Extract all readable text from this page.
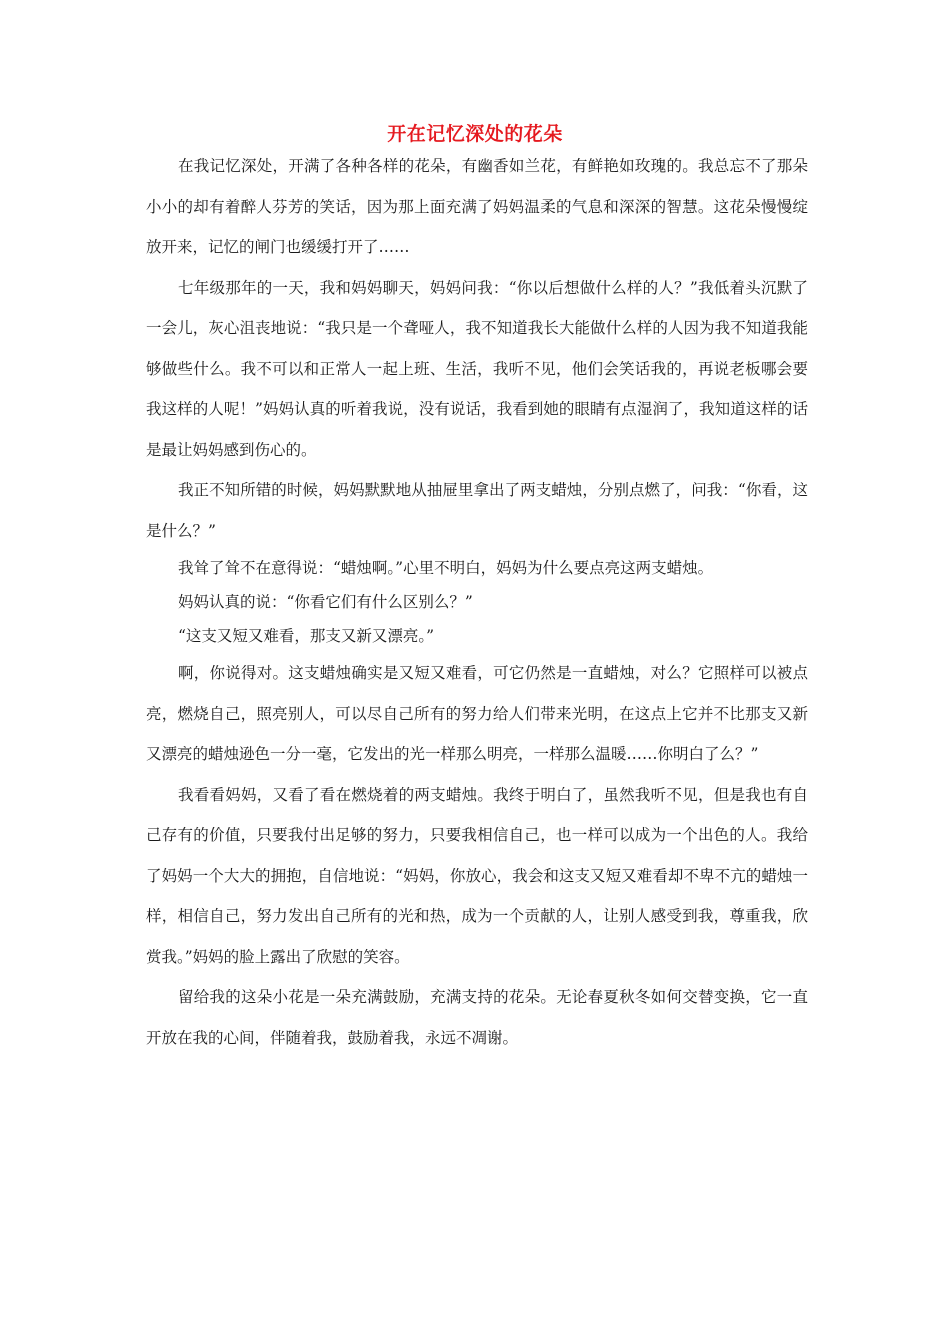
开在记忆深处的花朵

在我记忆深处，开满了各种各样的花朵，有幽香如兰花，有鲜艳如玫瑰的。我总忘不了那朵小小的却有着醉人芬芳的笑话，因为那上面充满了妈妈温柔的气息和深深的智慧。这花朵慢慢绽放开来，记忆的闸门也缓缓打开了……

七年级那年的一天，我和妈妈聊天，妈妈问我：“你以后想做什么样的人？”我低着头沉默了一会儿，灰心沮丧地说：“我只是一个聋哑人，我不知道我长大能做什么样的人因为我不知道我能够做些什么。我不可以和正常人一起上班、生活，我听不见，他们会笑话我的，再说老板哪会要我这样的人呢！”妈妈认真的听着我说，没有说话，我看到她的眼睛有点湿润了，我知道这样的话是最让妈妈感到伤心的。

我正不知所错的时候，妈妈默默地从抽屉里拿出了两支蜡烛，分别点燃了，问我：“你看，这是什么？”

我耸了耸不在意得说：“蜡烛啊。”心里不明白，妈妈为什么要点亮这两支蜡烛。

妈妈认真的说：“你看它们有什么区别么？”

“这支又短又难看，那支又新又漂亮。”

啊，你说得对。这支蜡烛确实是又短又难看，可它仍然是一直蜡烛，对么？它照样可以被点亮，燃烧自己，照亮别人，可以尽自己所有的努力给人们带来光明，在这点上它并不比那支又新又漂亮的蜡烛逊色一分一毫，它发出的光一样那么明亮，一样那么温暖……你明白了么？”

我看看妈妈，又看了看在燃烧着的两支蜡烛。我终于明白了，虽然我听不见，但是我也有自己存有的价值，只要我付出足够的努力，只要我相信自己，也一样可以成为一个出色的人。我给了妈妈一个大大的拥抱，自信地说：“妈妈，你放心，我会和这支又短又难看却不卑不亢的蜡烛一样，相信自己，努力发出自己所有的光和热，成为一个贡献的人，让别人感受到我，尊重我，欣赏我。”妈妈的脸上露出了欣慰的笑容。

留给我的这朵小花是一朵充满鼓励，充满支持的花朵。无论春夏秋冬如何交替变换，它一直开放在我的心间，伴随着我，鼓励着我，永远不凋谢。
